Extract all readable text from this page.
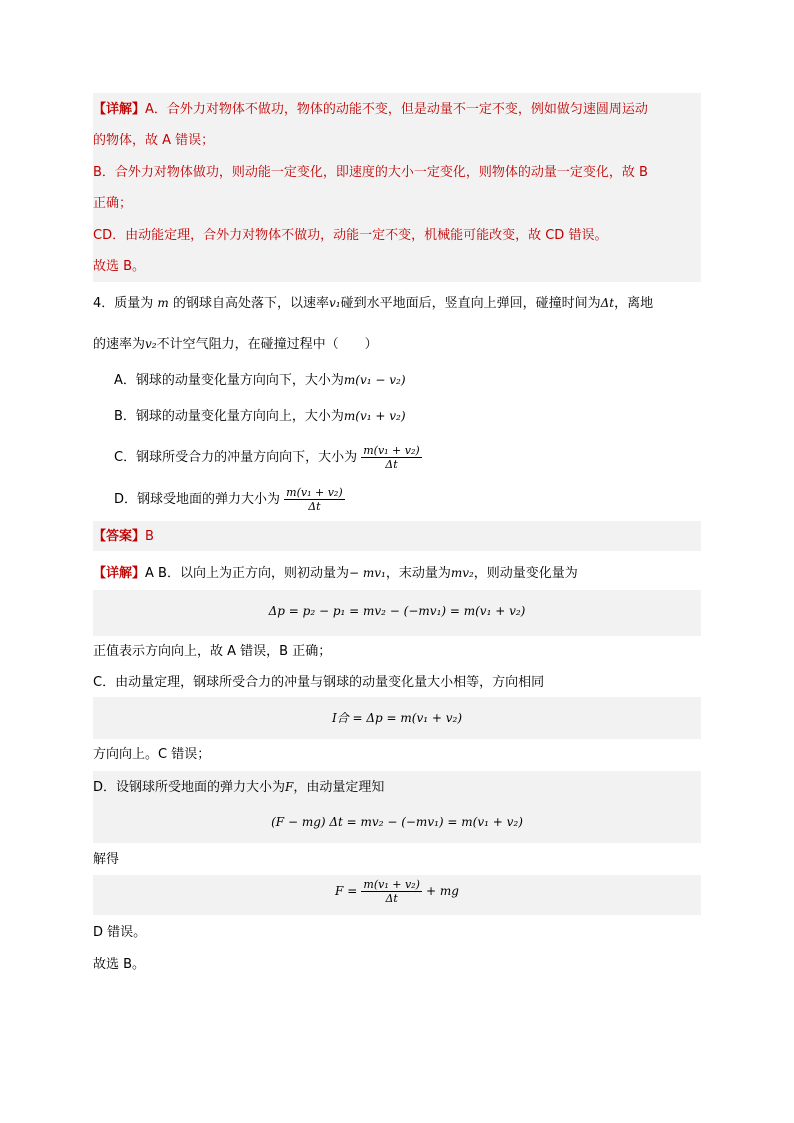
【详解】A．合外力对物体不做功，物体的动能不变，但是动量不一定不变，例如做匀速圆周运动
的物体，故 A 错误；
B．合外力对物体做功，则动能一定变化，即速度的大小一定变化，则物体的动量一定变化，故 B
正确；
CD．由动能定理，合外力对物体不做功，动能一定不变，机械能可能改变，故 CD 错误。
故选 B。
4．质量为 m 的钢球自高处落下，以速率v₁碰到水平地面后，竖直向上弹回，碰撞时间为Δt，离地
的速率为v₂不计空气阻力，在碰撞过程中（　　）
A．钢球的动量变化量方向向下，大小为m(v₁ − v₂)
B．钢球的动量变化量方向向上，大小为m(v₁ + v₂)
C．钢球所受合力的冲量方向向下，大小为 $\frac{\text{m(v₁ + v₂)}}{\Delta t}$
D．钢球受地面的弹力大小为 $\frac{\text{m(v₁ + v₂)}}{\Delta t}$
【答案】B
【详解】A B．以向上为正方向，则初动量为− mv₁，末动量为mv₂，则动量变化量为
Δp = p₂ − p₁ = mv₂ − (−mv₁) = m(v₁ + v₂)
正值表示方向向上，故 A 错误，B 正确；
C．由动量定理，钢球所受合力的冲量与钢球的动量变化量大小相等，方向相同
I合 = Δp = m(v₁ + v₂)
方向向上。C 错误；
(F − mg) Δt = mv₂ − (−mv₁) = m(v₁ + v₂)
D．设钢球所受地面的弹力大小为F，由动量定理知
解得
$F = \frac{\text{m(v₁ + v₂)}}{\Delta t}$ + mg
D 错误。
故选 B。
